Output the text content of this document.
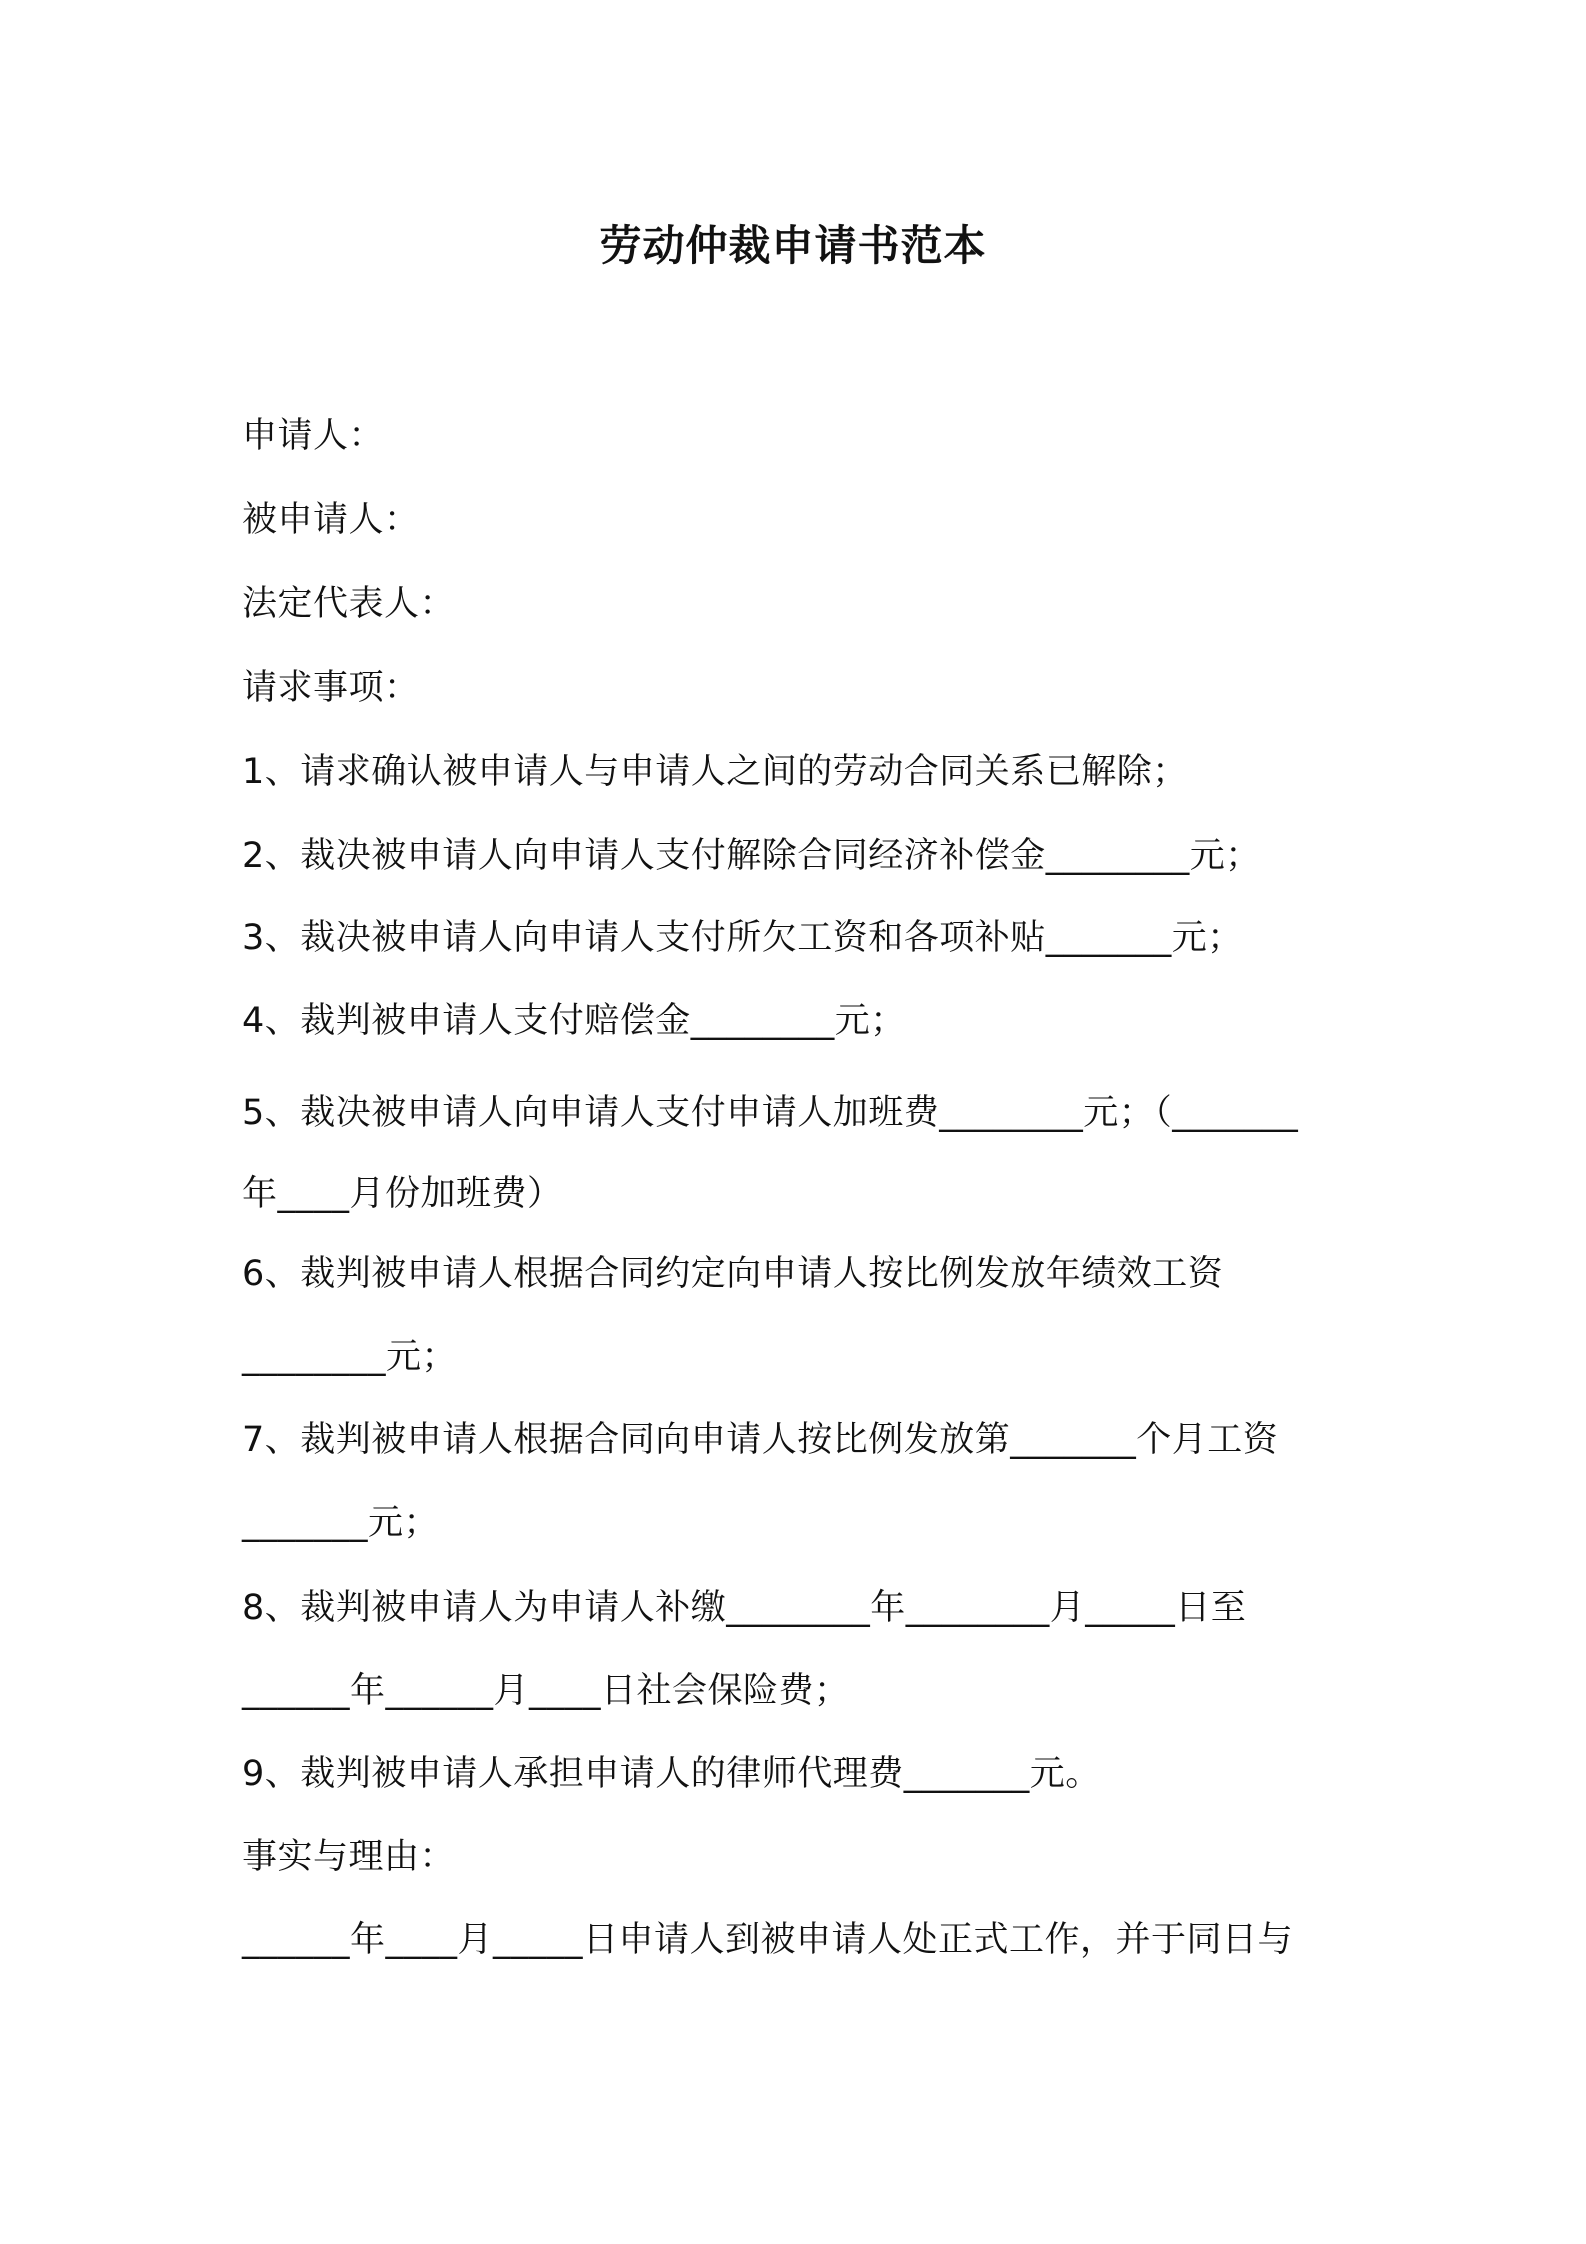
劳动仲裁申请书范本
申请人：
被申请人：
法定代表人：
请求事项：
1、请求确认被申请人与申请人之间的劳动合同关系已解除；
2、裁决被申请人向申请人支付解除合同经济补偿金________元；
3、裁决被申请人向申请人支付所欠工资和各项补贴_______元；
4、裁判被申请人支付赔偿金________元；
5、裁决被申请人向申请人支付申请人加班费________元；（_______
年____月份加班费）
6、裁判被申请人根据合同约定向申请人按比例发放年绩效工资
________元；
7、裁判被申请人根据合同向申请人按比例发放第_______个月工资
_______元；
8、裁判被申请人为申请人补缴________年________月_____日至
______年______月____日社会保险费；
9、裁判被申请人承担申请人的律师代理费_______元。
事实与理由：
______年____月_____日申请人到被申请人处正式工作，并于同日与
